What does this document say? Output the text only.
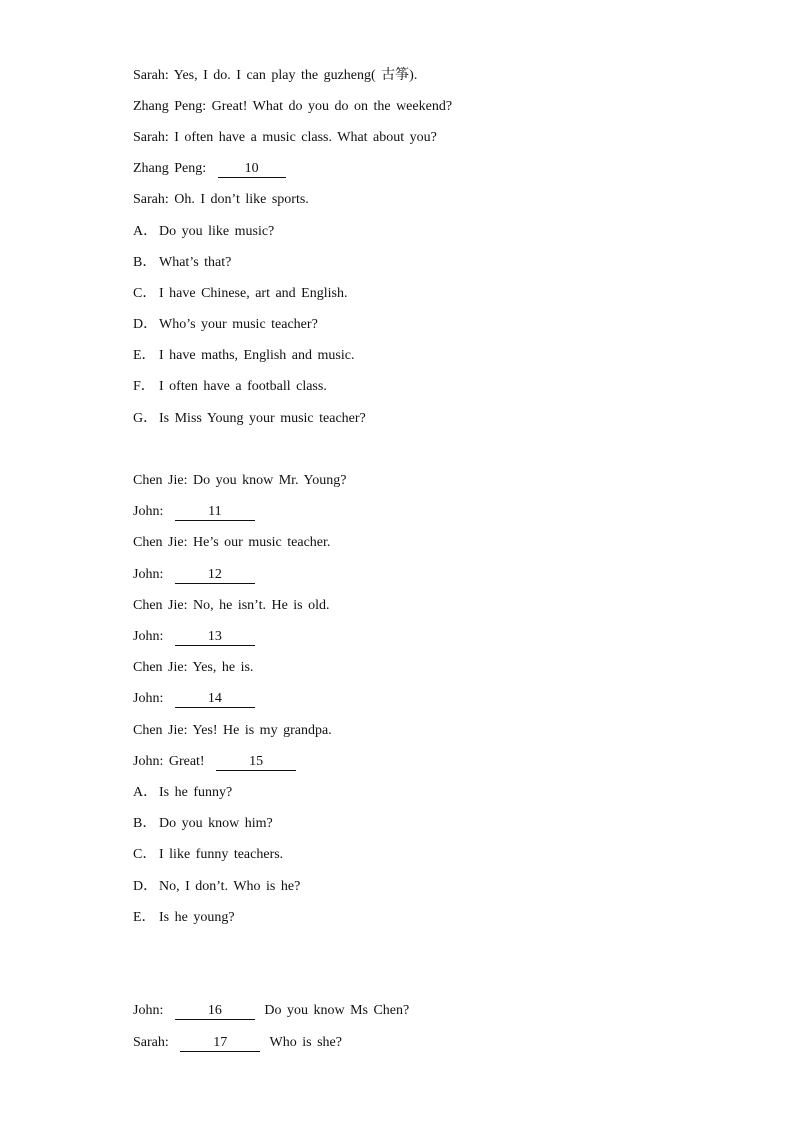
Sarah: Yes, I do. I can play the guzheng( 古筝).
Zhang Peng: Great! What do you do on the weekend?
Sarah: I often have a music class. What about you?
Zhang Peng:	10
Sarah: Oh. I don’t like sports.
A． Do you like music?
B． What’s that?
C． I have Chinese, art and English.
D． Who’s your music teacher?
E． I have maths, English and music.
F． I often have a football class.
G． Is Miss Young your music teacher?
Chen Jie: Do you know Mr. Young?
John:	11
Chen Jie: He’s our music teacher.
John:	12
Chen Jie: No, he isn’t. He is old.
John:	13
Chen Jie: Yes, he is.
John:	14
Chen Jie: Yes! He is my grandpa.
John: Great!	15
A． Is he funny?
B． Do you know him?
C． I like funny teachers.
D． No, I don’t. Who is he?
E． Is he young?
John:	16	Do you know Ms Chen?
Sarah:	17	Who is she?
